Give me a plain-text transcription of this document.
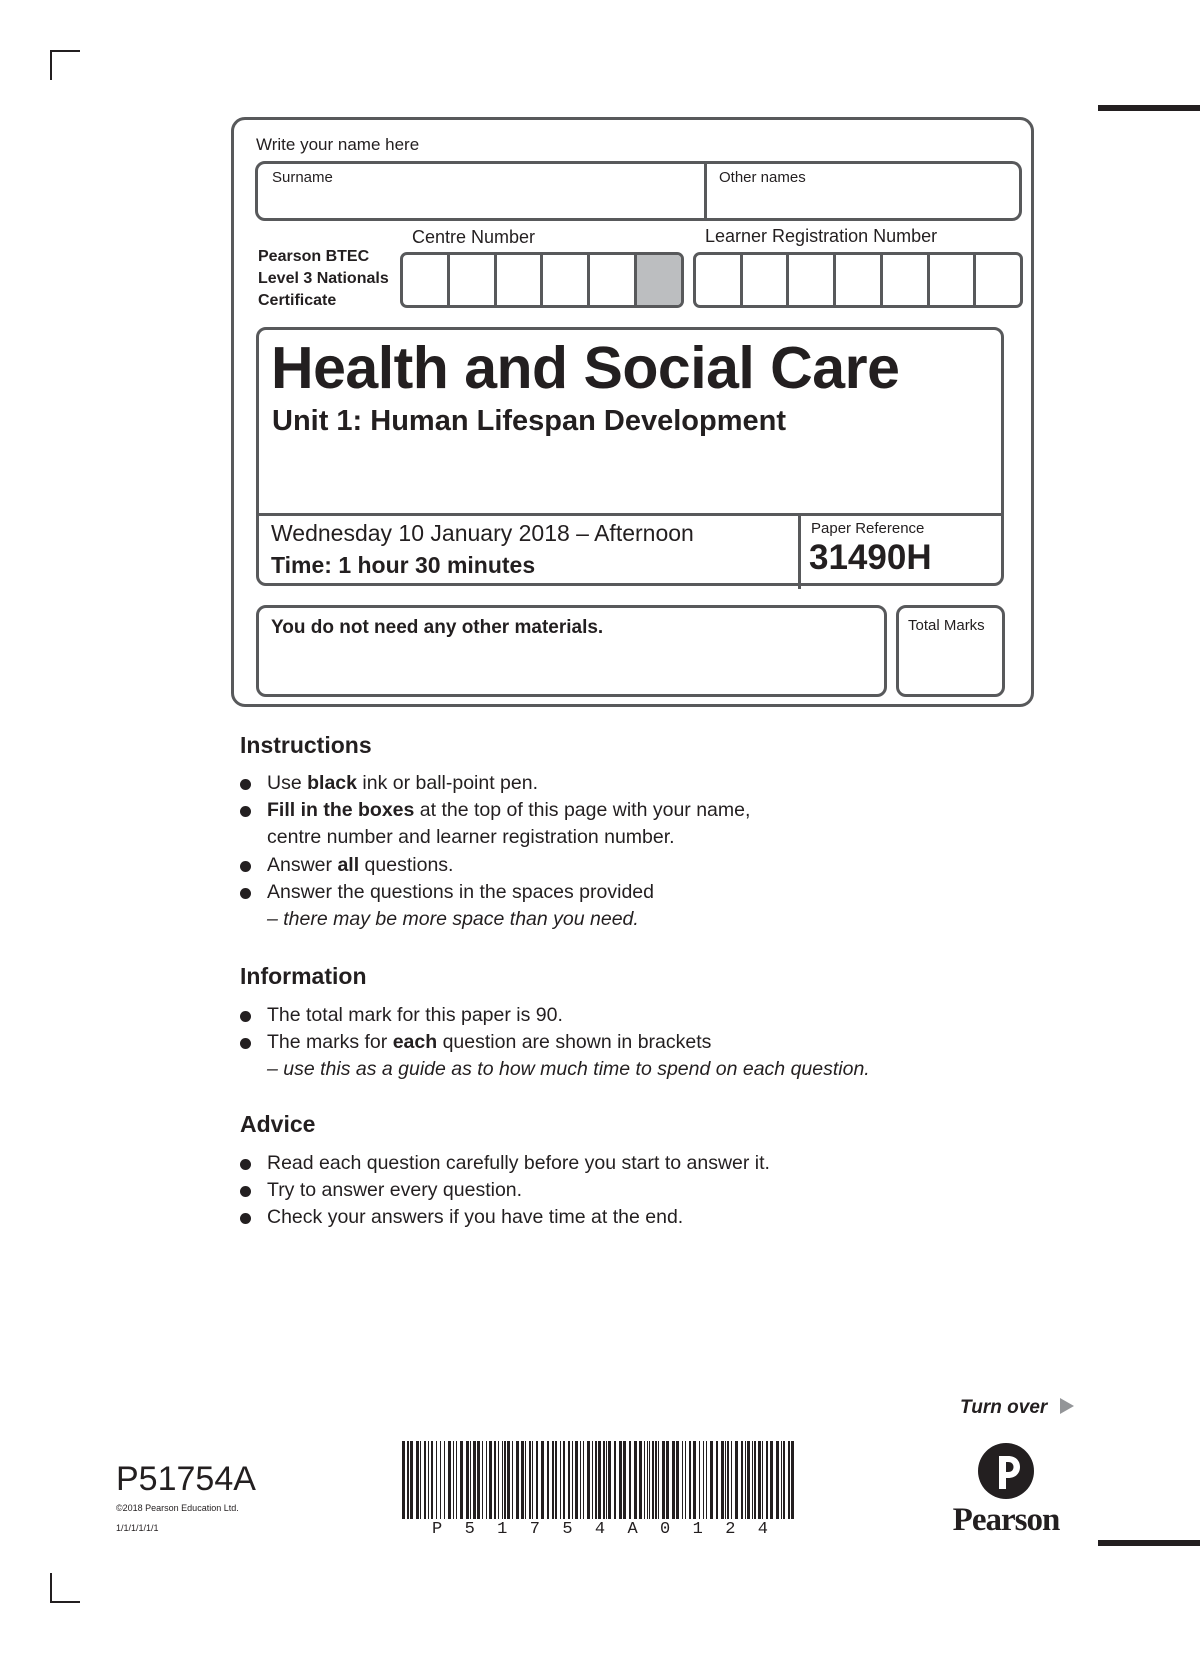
Write your name here
Surname	Other names
Pearson BTEC
Level 3 Nationals
Certificate
Centre Number	Learner Registration Number
Health and Social Care
Unit 1: Human Lifespan Development
Wednesday 10 January 2018 – Afternoon
Time: 1 hour 30 minutes
Paper Reference
31490H
You do not need any other materials.	Total Marks
Instructions
Use black ink or ball-point pen.
Fill in the boxes at the top of this page with your name,
centre number and learner registration number.
Answer all questions.
Answer the questions in the spaces provided
– there may be more space than you need.
Information
The total mark for this paper is 90.
The marks for each question are shown in brackets
– use this as a guide as to how much time to spend on each question.
Advice
Read each question carefully before you start to answer it.
Try to answer every question.
Check your answers if you have time at the end.
Turn over
P51754A
©2018 Pearson Education Ltd.
1/1/1/1/1/1	P 5 1 7 5 4 A 0 1 2 4	Pearson
